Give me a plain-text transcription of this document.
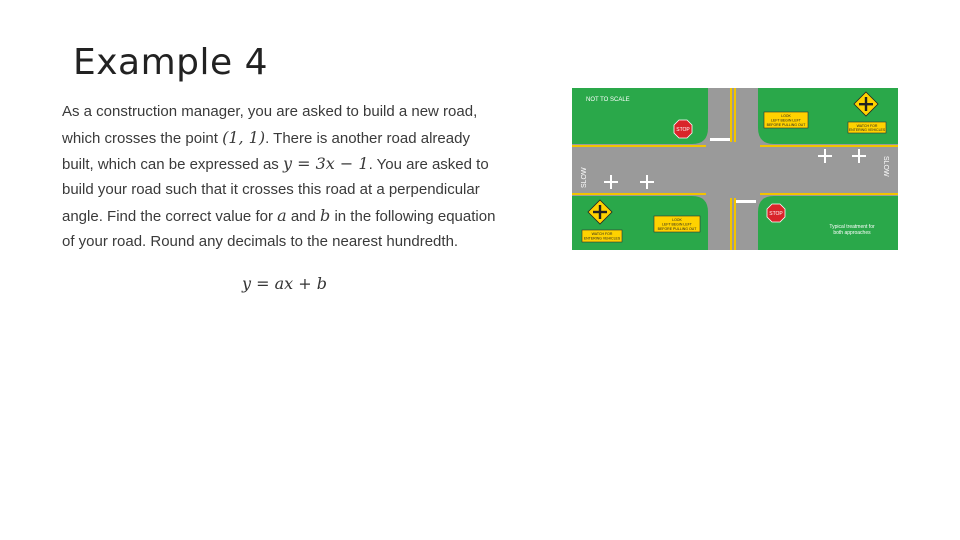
Example 4
As a construction manager, you are asked to build a new road,
which crosses the point (1, 1). There is another road already
built, which can be expressed as y = 3x − 1. You are asked to
build your road such that it crosses this road at a perpendicular
angle. Find the correct value for a and b in the following equation
of your road. Round any decimals to the nearest hundredth.
y = ax + b
SLOW
SLOW
NOT TO SCALE
STOP
STOP
LOOK
LEFT BEGIN LEFT
BEFORE PULLING OUT
LOOK
LEFT BEGIN LEFT
BEFORE PULLING OUT
WATCH FOR
ENTERING VEHICLES
WATCH FOR
ENTERING VEHICLES
Typical treatment for
both approaches
